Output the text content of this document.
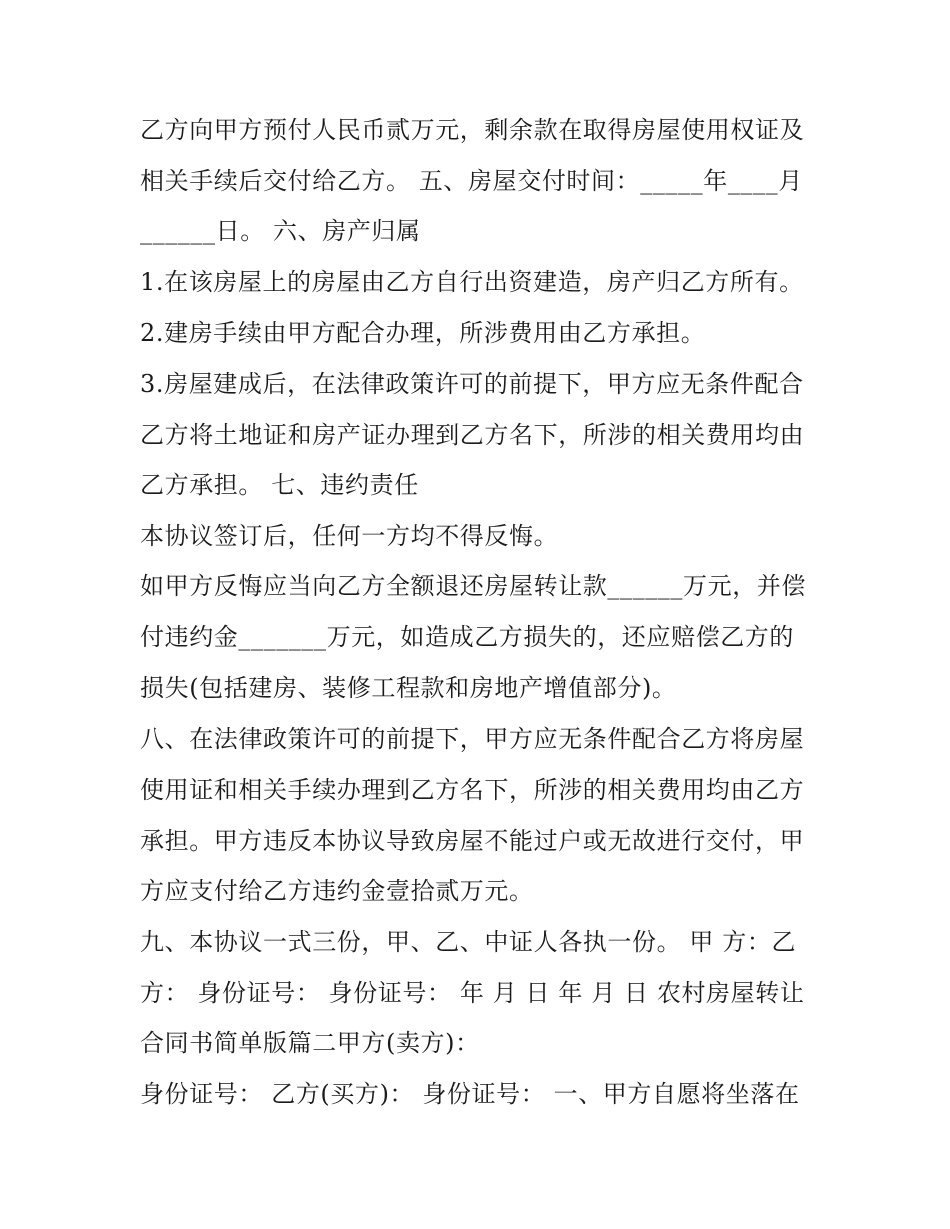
乙方向甲方预付人民币贰万元，剩余款在取得房屋使用权证及
相关手续后交付给乙方。 五、房屋交付时间：_____年____月
______日。 六、房产归属
1.在该房屋上的房屋由乙方自行出资建造，房产归乙方所有。
2.建房手续由甲方配合办理，所涉费用由乙方承担。
3.房屋建成后，在法律政策许可的前提下，甲方应无条件配合
乙方将土地证和房产证办理到乙方名下，所涉的相关费用均由
乙方承担。 七、违约责任
本协议签订后，任何一方均不得反悔。
如甲方反悔应当向乙方全额退还房屋转让款______万元，并偿
付违约金_______万元，如造成乙方损失的，还应赔偿乙方的
损失(包括建房、装修工程款和房地产增值部分)。
八、在法律政策许可的前提下，甲方应无条件配合乙方将房屋
使用证和相关手续办理到乙方名下，所涉的相关费用均由乙方
承担。甲方违反本协议导致房屋不能过户或无故进行交付，甲
方应支付给乙方违约金壹拾贰万元。
九、本协议一式三份，甲、乙、中证人各执一份。 甲 方：乙
方： 身份证号： 身份证号： 年 月 日 年 月 日 农村房屋转让
合同书简单版篇二甲方(卖方)：
身份证号： 乙方(买方)： 身份证号： 一、甲方自愿将坐落在
